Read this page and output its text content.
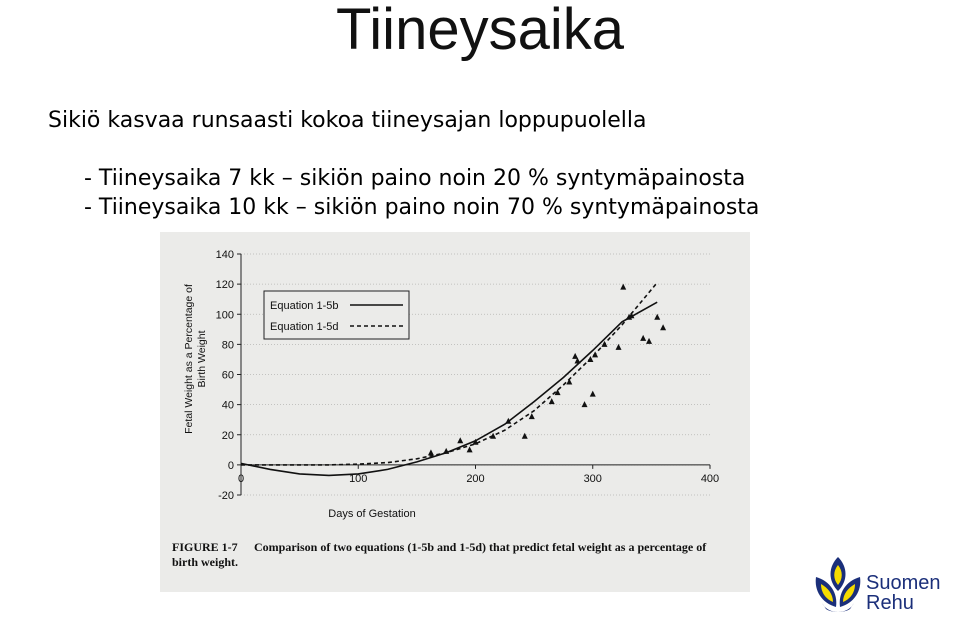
Tiineysaika
Sikiö kasvaa runsaasti kokoa tiineysajan loppupuolella
- Tiineysaika 7 kk – sikiön paino noin 20 % syntymäpainosta
- Tiineysaika 10 kk – sikiön paino noin 70 % syntymäpainosta
-20
0
20
40
60
80
100
120
140
0	100	200	300	400
Equation 1-5b
Equation 1-5d
Days of Gestation
Fetal Weight as a Percentage of Birth Weight
FIGURE 1-7 Comparison of two equations (1-5b and 1-5d) that predict fetal weight as a percentage of
birth weight.
Suomen
Rehu
